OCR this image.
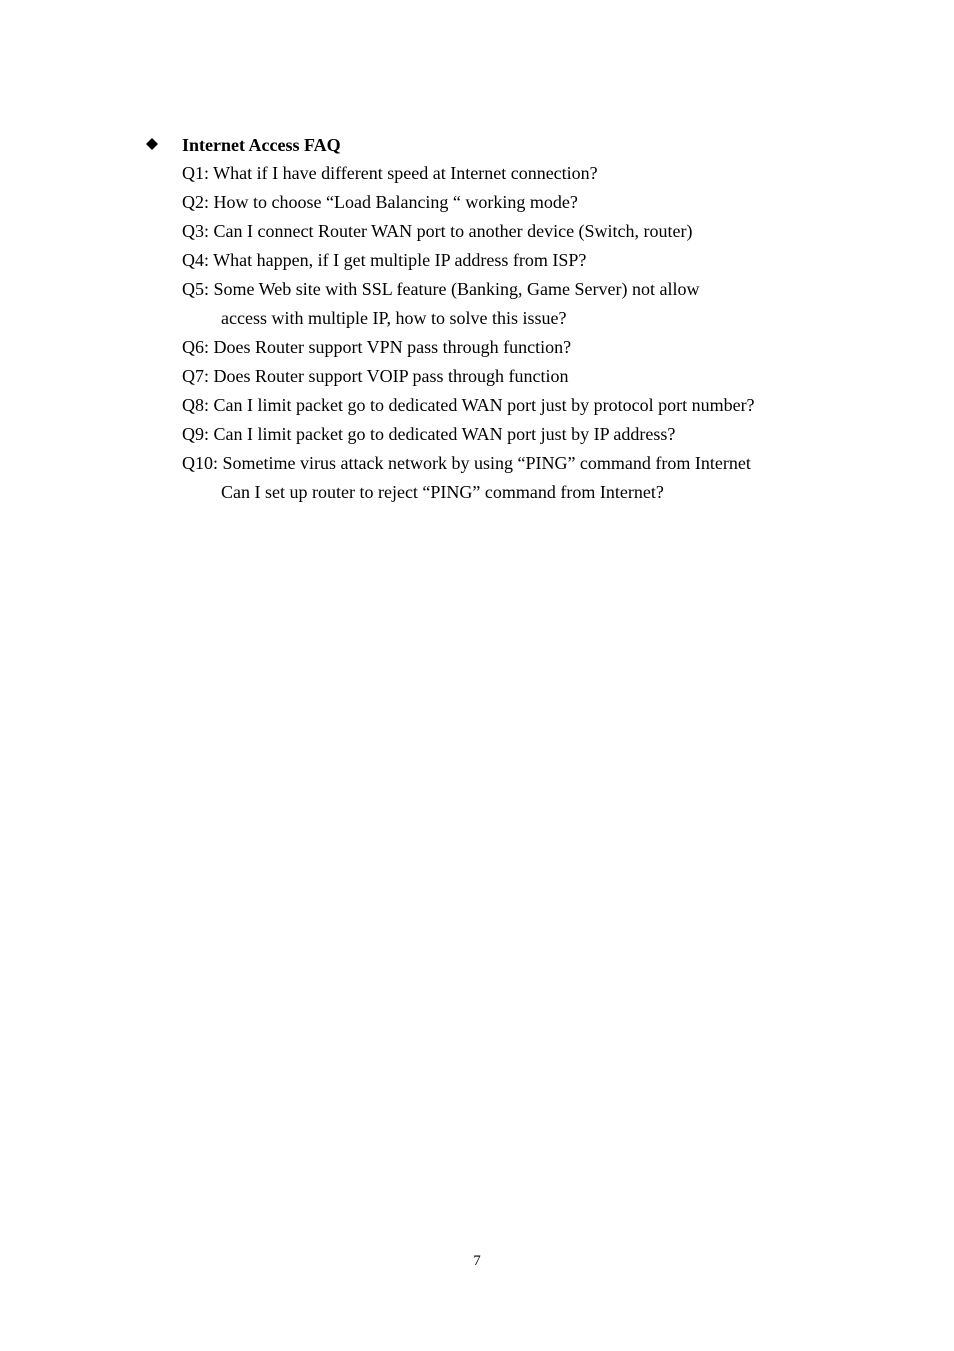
Internet Access FAQ
Q1: What if I have different speed at Internet connection?
Q2: How to choose “Load Balancing “ working mode?
Q3: Can I connect Router WAN port to another device (Switch, router)
Q4: What happen, if I get multiple IP address from ISP?
Q5: Some Web site with SSL feature (Banking, Game Server) not allow
access with multiple IP, how to solve this issue?
Q6: Does Router support VPN pass through function?
Q7: Does Router support VOIP pass through function
Q8: Can I limit packet go to dedicated WAN port just by protocol port number?
Q9: Can I limit packet go to dedicated WAN port just by IP address?
Q10: Sometime virus attack network by using “PING” command from Internet
Can I set up router to reject “PING” command from Internet?
7
